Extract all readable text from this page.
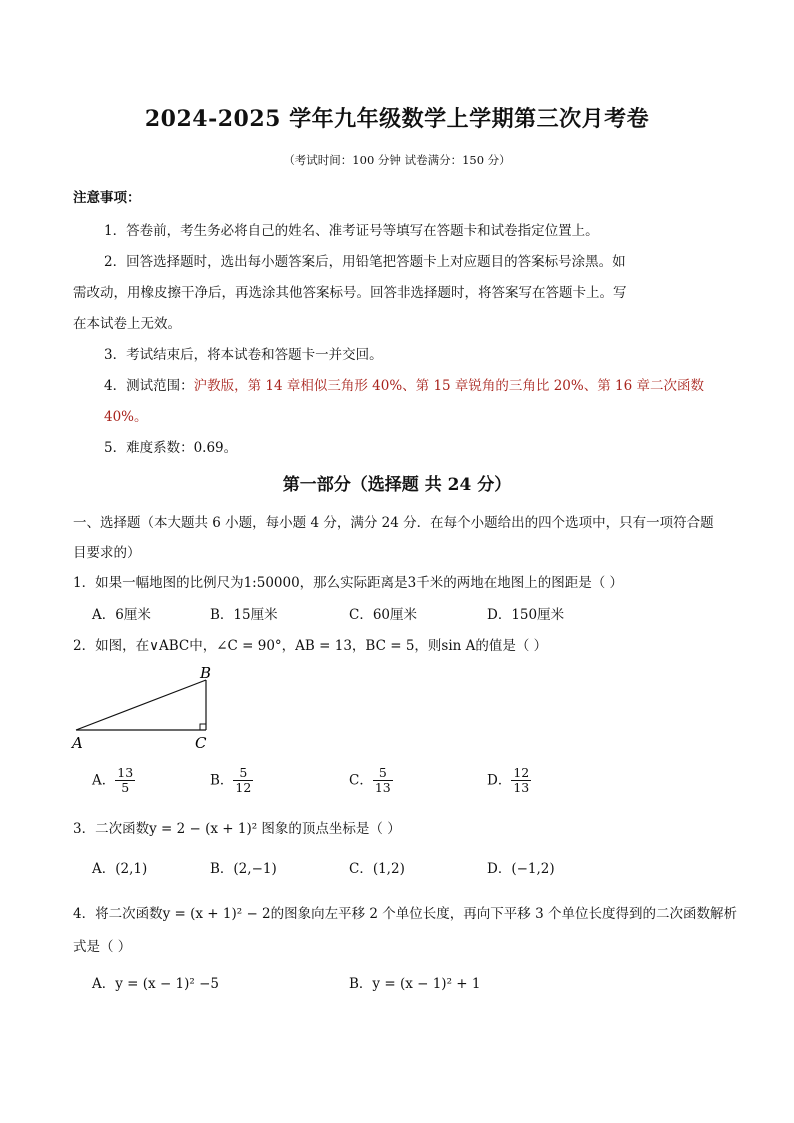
2024-2025 学年九年级数学上学期第三次月考卷
（考试时间：100 分钟 试卷满分：150 分）
注意事项：
1．答卷前，考生务必将自己的姓名、准考证号等填写在答题卡和试卷指定位置上。
2．回答选择题时，选出每小题答案后，用铅笔把答题卡上对应题目的答案标号涂黑。如
需改动，用橡皮擦干净后，再选涂其他答案标号。回答非选择题时，将答案写在答题卡上。写
在本试卷上无效。
3．考试结束后，将本试卷和答题卡一并交回。
4．测试范围：沪教版，第 14 章相似三角形 40%、第 15 章锐角的三角比 20%、第 16 章二次函数
40%。
5．难度系数：0.69。
第一部分（选择题 共 24 分）
一、选择题（本大题共 6 小题，每小题 4 分，满分 24 分．在每个小题给出的四个选项中，只有一项符合题
目要求的）
1．如果一幅地图的比例尺为1:50000，那么实际距离是3千米的两地在地图上的图距是（ ）
A．6厘米	B．15厘米	C．60厘米	D．150厘米
2．如图，在∨ABC中，∠C = 90°，AB = 13，BC = 5，则sin A的值是（ ）
A
B
C
A． $\frac{13}{5}$	B． $\frac{5}{12}$	C． $\frac{5}{13}$	D． $\frac{12}{13}$
3．二次函数y = 2 − (x + 1)² 图象的顶点坐标是（ ）
A．(2,1)	B．(2,−1)	C．(1,2)	D．(−1,2)
4．将二次函数y = (x + 1)² − 2的图象向左平移 2 个单位长度，再向下平移 3 个单位长度得到的二次函数解析
式是（ ）
A．y = (x − 1)² −5	B．y = (x − 1)² + 1
